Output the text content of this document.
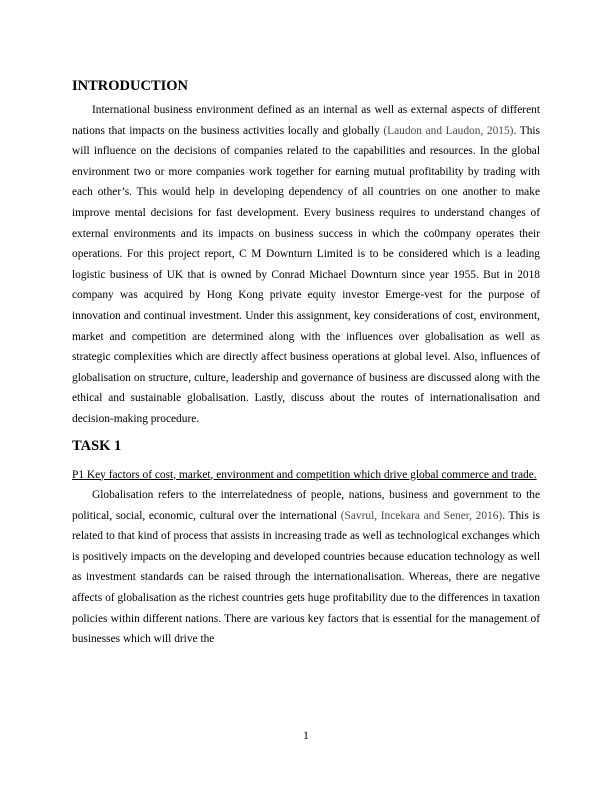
INTRODUCTION

International business environment defined as an internal as well as external aspects of different nations that impacts on the business activities locally and globally (Laudon and Laudon, 2015). This will influence on the decisions of companies related to the capabilities and resources. In the global environment two or more companies work together for earning mutual profitability by trading with each other’s. This would help in developing dependency of all countries on one another to make improve mental decisions for fast development. Every business requires to understand changes of external environments and its impacts on business success in which the co0mpany operates their operations. For this project report, C M Downturn Limited is to be considered which is a leading logistic business of UK that is owned by Conrad Michael Downturn since year 1955. But in 2018 company was acquired by Hong Kong private equity investor Emerge-vest for the purpose of innovation and continual investment. Under this assignment, key considerations of cost, environment, market and competition are determined along with the influences over globalisation as well as strategic complexities which are directly affect business operations at global level. Also, influences of globalisation on structure, culture, leadership and governance of business are discussed along with the ethical and sustainable globalisation. Lastly, discuss about the routes of internationalisation and decision-making procedure.

TASK 1

P1 Key factors of cost, market, environment and competition which drive global commerce and trade.

Globalisation refers to the interrelatedness of people, nations, business and government to the political, social, economic, cultural over the international (Savrul, Incekara and Sener, 2016). This is related to that kind of process that assists in increasing trade as well as technological exchanges which is positively impacts on the developing and developed countries because education technology as well as investment standards can be raised through the internationalisation. Whereas, there are negative affects of globalisation as the richest countries gets huge profitability due to the differences in taxation policies within different nations. There are various key factors that is essential for the management of businesses which will drive the

1
